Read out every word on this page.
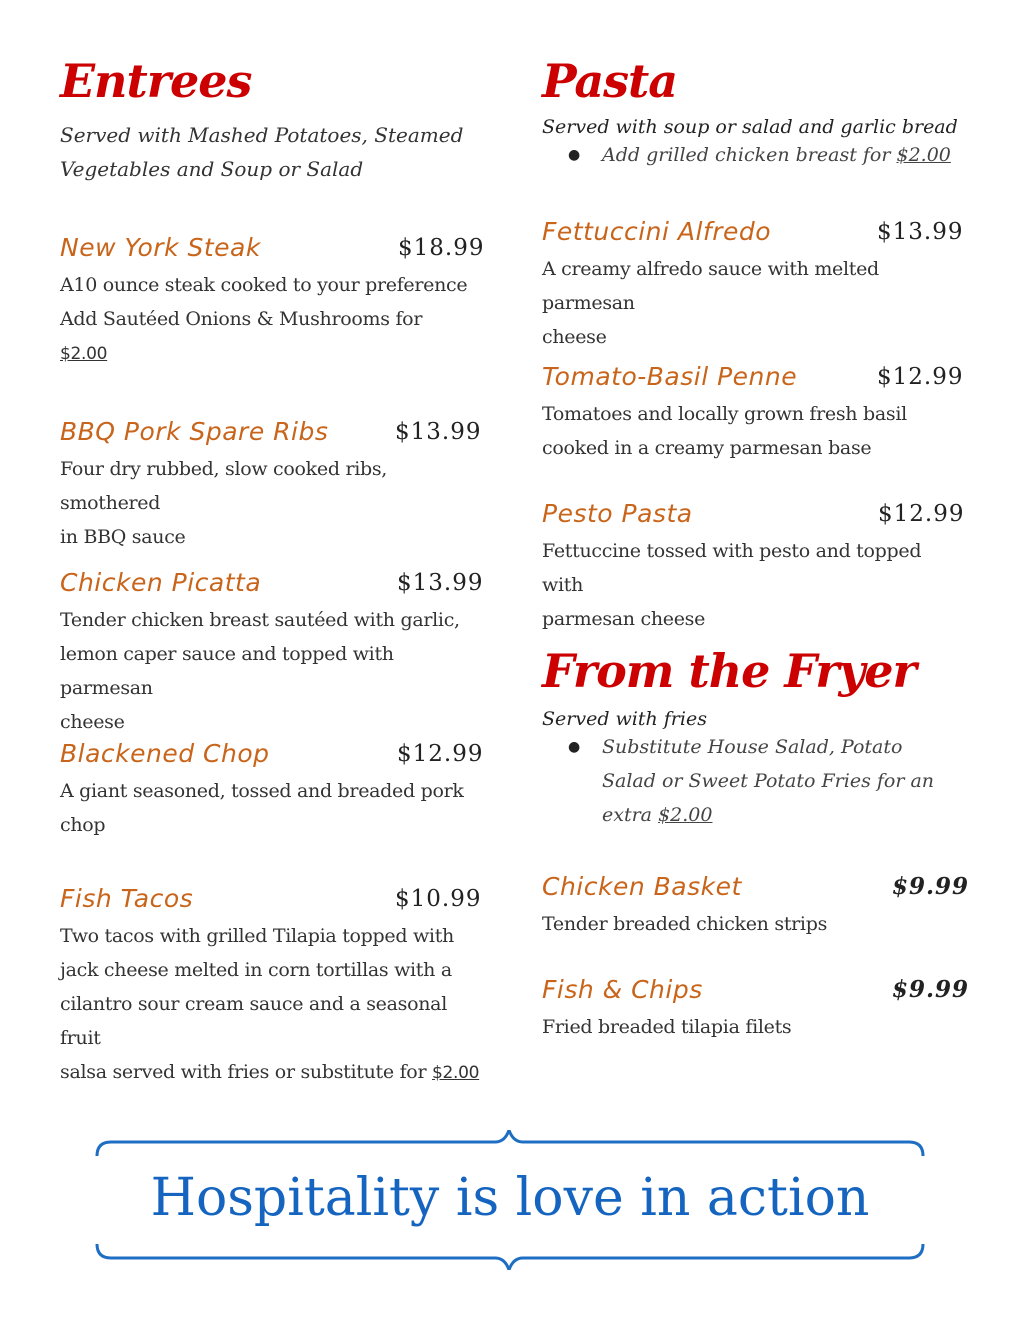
Entrees

Served with Mashed Potatoes, Steamed

Vegetables and Soup or Salad

New York Steak	$18.99

A10 ounce steak cooked to your preference
Add Sautéed Onions & Mushrooms for
$2.00

BBQ Pork Spare Ribs	$13.99

Four dry rubbed, slow cooked ribs, smothered
in BBQ sauce

Chicken Picatta	$13.99

Tender chicken breast sautéed with garlic,
lemon caper sauce and topped with parmesan
cheese

Blackened Chop	$12.99

A giant seasoned, tossed and breaded pork
chop

Fish Tacos	$10.99

Two tacos with grilled Tilapia topped with
jack cheese melted in corn tortillas with a
cilantro sour cream sauce and a seasonal fruit
salsa served with fries or substitute for $2.00

Pasta

Served with soup or salad and garlic bread

● Add grilled chicken breast for $2.00

Fettuccini Alfredo	$13.99

A creamy alfredo sauce with melted parmesan
cheese

Tomato-Basil Penne	$12.99

Tomatoes and locally grown fresh basil
cooked in a creamy parmesan base

Pesto Pasta	$12.99

Fettuccine tossed with pesto and topped with
parmesan cheese

From the Fryer

Served with fries

● Substitute House Salad, Potato
Salad or Sweet Potato Fries for an
extra $2.00

Chicken Basket	$9.99

Tender breaded chicken strips

Fish & Chips	$9.99

Fried breaded tilapia filets

Hospitality is love in action
